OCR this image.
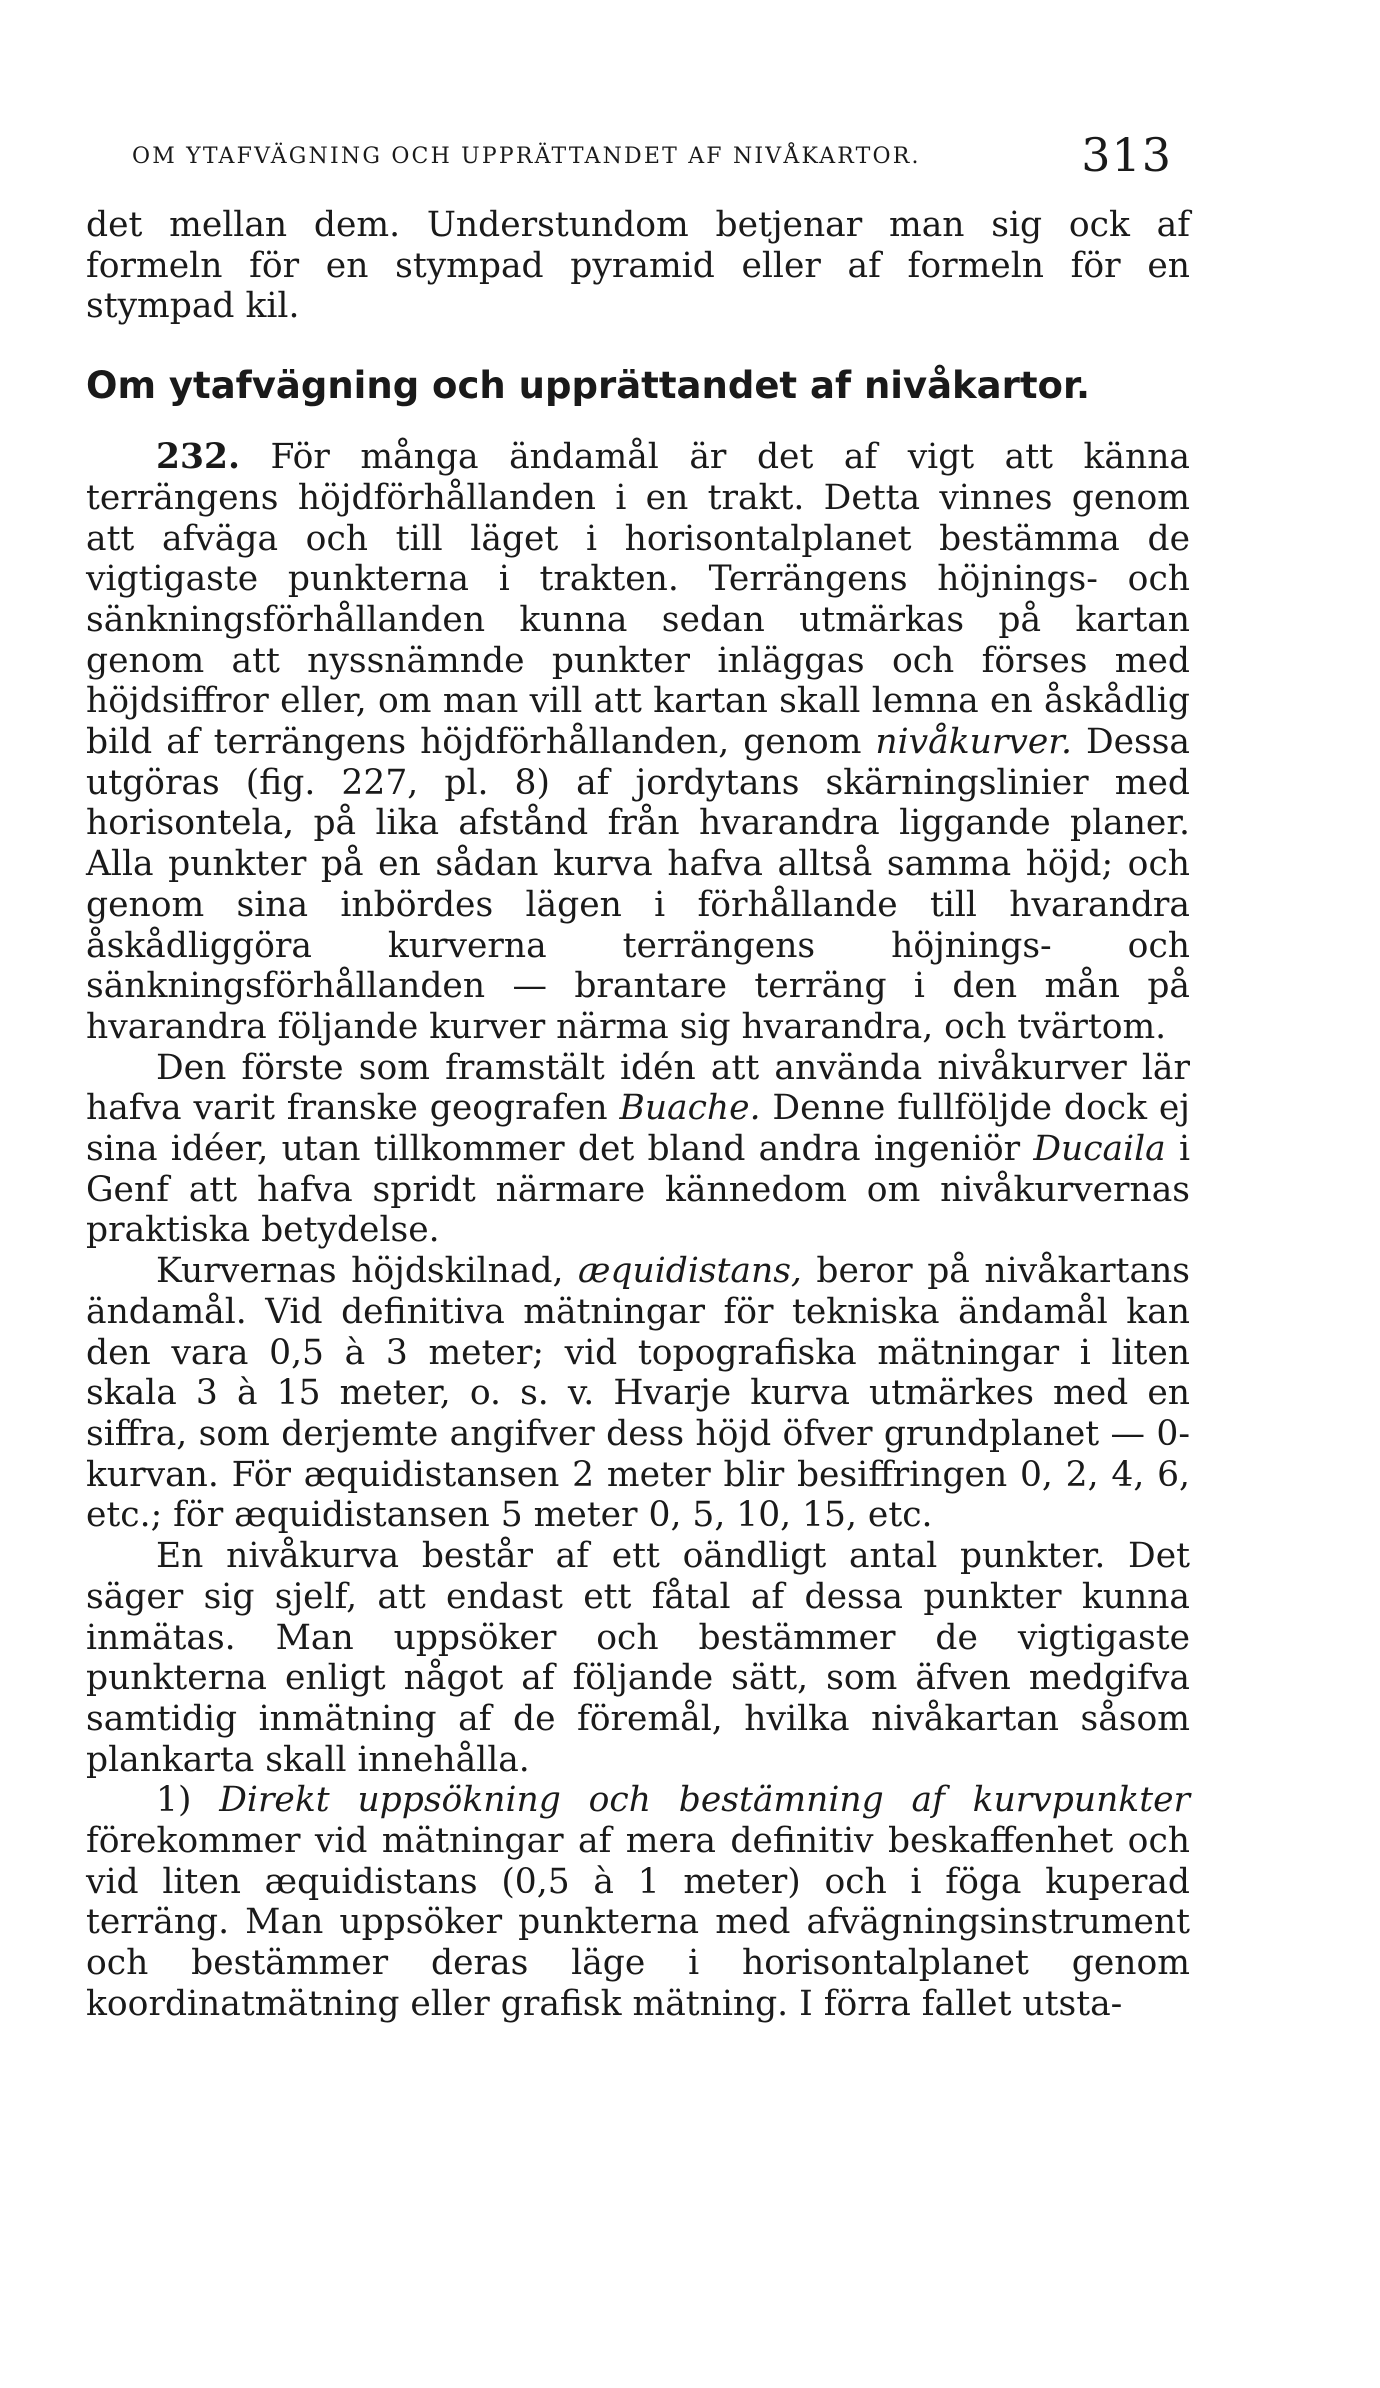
OM YTAFVÄGNING OCH UPPRÄTTANDET AF NIVÅKARTOR.	313

det mellan dem. Understundom betjenar man sig ock af formeln för en stympad pyramid eller af formeln för en stympad kil.

Om ytafvägning och upprättandet af nivåkartor.

232. För många ändamål är det af vigt att känna terrängens höjdförhållanden i en trakt. Detta vinnes genom att afväga och till läget i horisontalplanet bestämma de vigtigaste punkterna i trakten. Terrängens höjnings- och sänkningsförhållanden kunna sedan utmärkas på kartan genom att nyssnämnde punkter inläggas och förses med höjdsiffror eller, om man vill att kartan skall lemna en åskådlig bild af terrängens höjdförhållanden, genom nivåkurver. Dessa utgöras (fig. 227, pl. 8) af jordytans skärningslinier med horisontela, på lika afstånd från hvarandra liggande planer. Alla punkter på en sådan kurva hafva alltså samma höjd; och genom sina inbördes lägen i förhållande till hvarandra åskådliggöra kurverna terrängens höjnings- och sänkningsförhållanden — brantare terräng i den mån på hvarandra följande kurver närma sig hvarandra, och tvärtom.

Den förste som framstält idén att använda nivåkurver lär hafva varit franske geografen Buache. Denne fullföljde dock ej sina idéer, utan tillkommer det bland andra ingeniör Ducaila i Genf att hafva spridt närmare kännedom om nivåkurvernas praktiska betydelse.

Kurvernas höjdskilnad, æquidistans, beror på nivåkartans ändamål. Vid definitiva mätningar för tekniska ändamål kan den vara 0,5 à 3 meter; vid topografiska mätningar i liten skala 3 à 15 meter, o. s. v. Hvarje kurva utmärkes med en siffra, som derjemte angifver dess höjd öfver grundplanet — 0-kurvan. För æquidistansen 2 meter blir besiffringen 0, 2, 4, 6, etc.; för æquidistansen 5 meter 0, 5, 10, 15, etc.

En nivåkurva består af ett oändligt antal punkter. Det säger sig sjelf, att endast ett fåtal af dessa punkter kunna inmätas. Man uppsöker och bestämmer de vigtigaste punkterna enligt något af följande sätt, som äfven medgifva samtidig inmätning af de föremål, hvilka nivåkartan såsom plankarta skall innehålla.

1) Direkt uppsökning och bestämning af kurvpunkter förekommer vid mätningar af mera definitiv beskaffenhet och vid liten æquidistans (0,5 à 1 meter) och i föga kuperad terräng. Man uppsöker punkterna med afvägningsinstrument och bestämmer deras läge i horisontalplanet genom koordinatmätning eller grafisk mätning. I förra fallet utsta-
